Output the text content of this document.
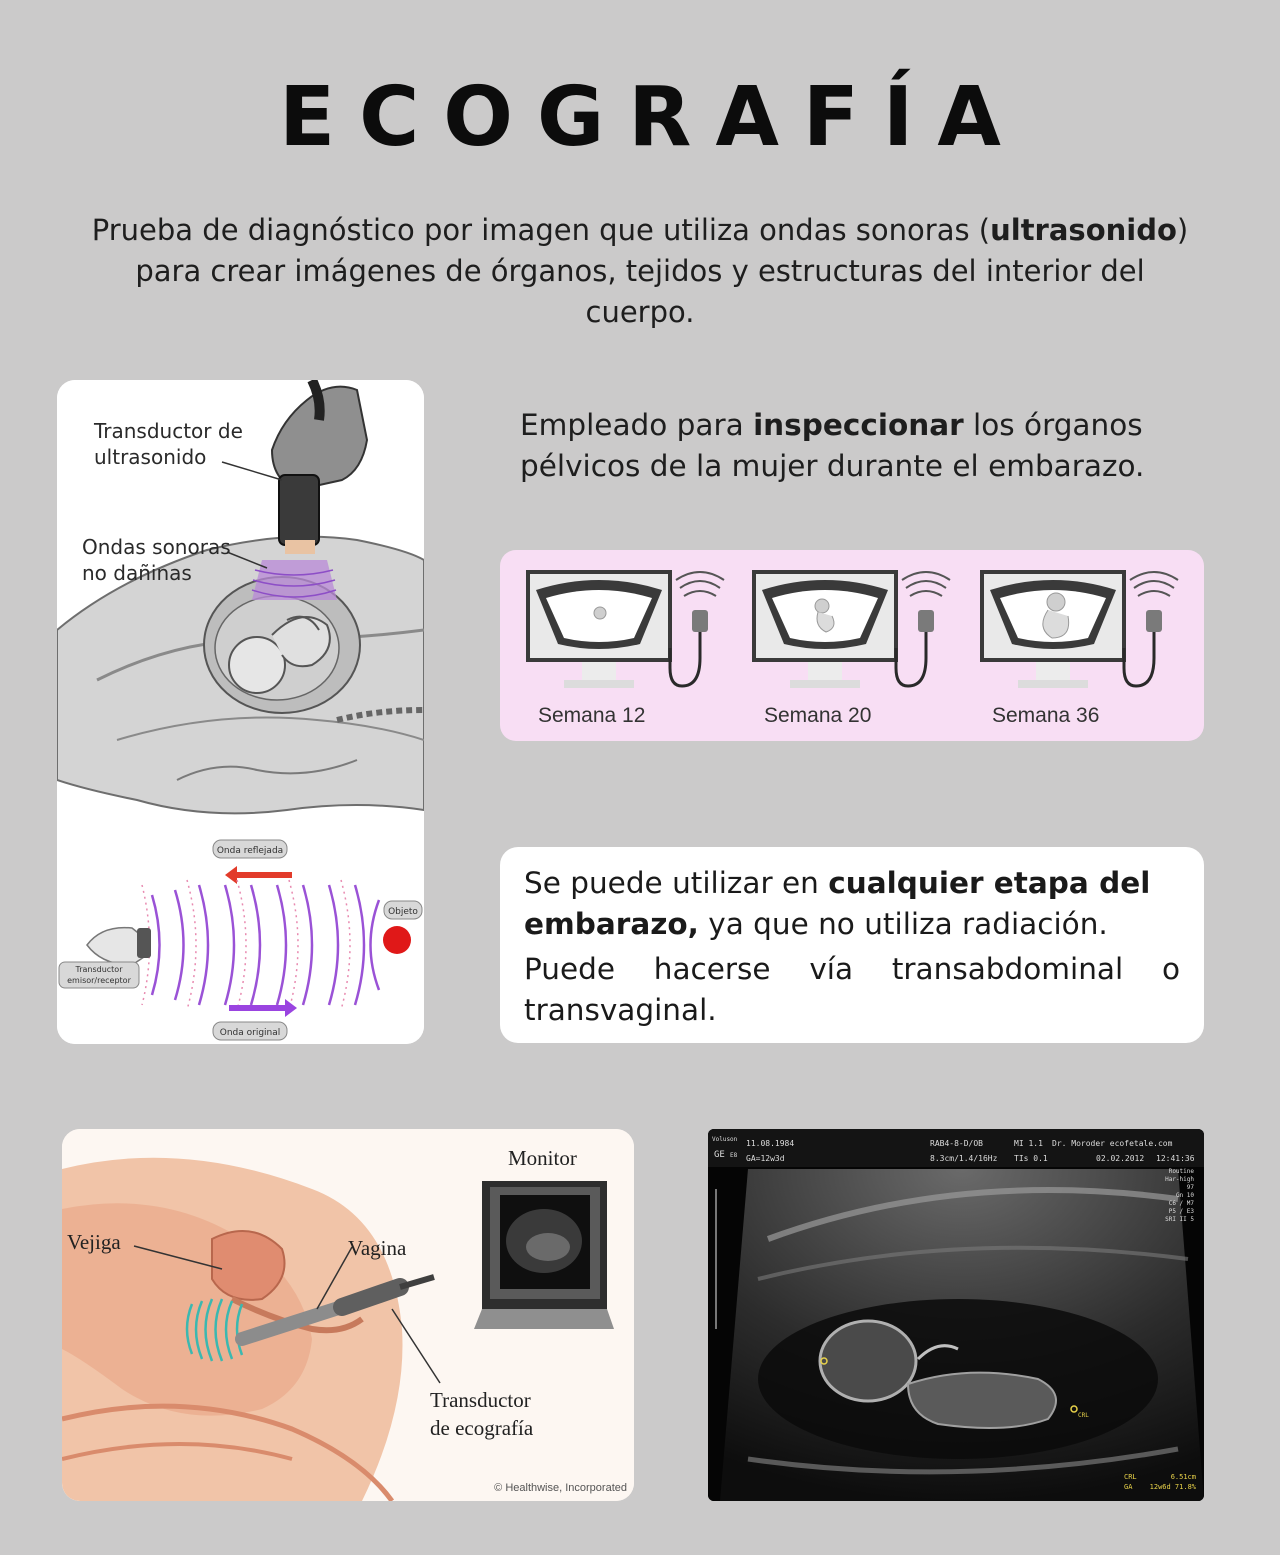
ECOGRAFÍA

Prueba de diagnóstico por imagen que utiliza ondas sonoras (ultrasonido) para crear imágenes de órganos, tejidos y estructuras del interior del cuerpo.

Transductor de
ultrasonido
Ondas sonoras
no dañinas
Onda reflejada
Objeto
Transductor
emisor/receptor
Onda original

Empleado para inspeccionar los órganos pélvicos de la mujer durante el embarazo.

Semana 12	Semana 20	Semana 36

Se puede utilizar en cualquier etapa del embarazo, ya que no utiliza radiación.

Puede hacerse vía transabdominal o

transvaginal.

Vejiga	Vagina
Transductor
de ecografía
Monitor
© Healthwise, Incorporated
Voluson
GE E8
11.08.1984
GA=12w3d
RAB4-8-D/OB
8.3cm/1.4/16Hz
MI 1.1
TIs 0.1
Dr. Moroder ecofetale.com
02.02.2012 12:41:36
Routine
Har-high
97
Gn 10
C6 / M7
P5 / E3
SRI II 5
CRL
CRL	6.51cm
GA 12w6d 71.8%
